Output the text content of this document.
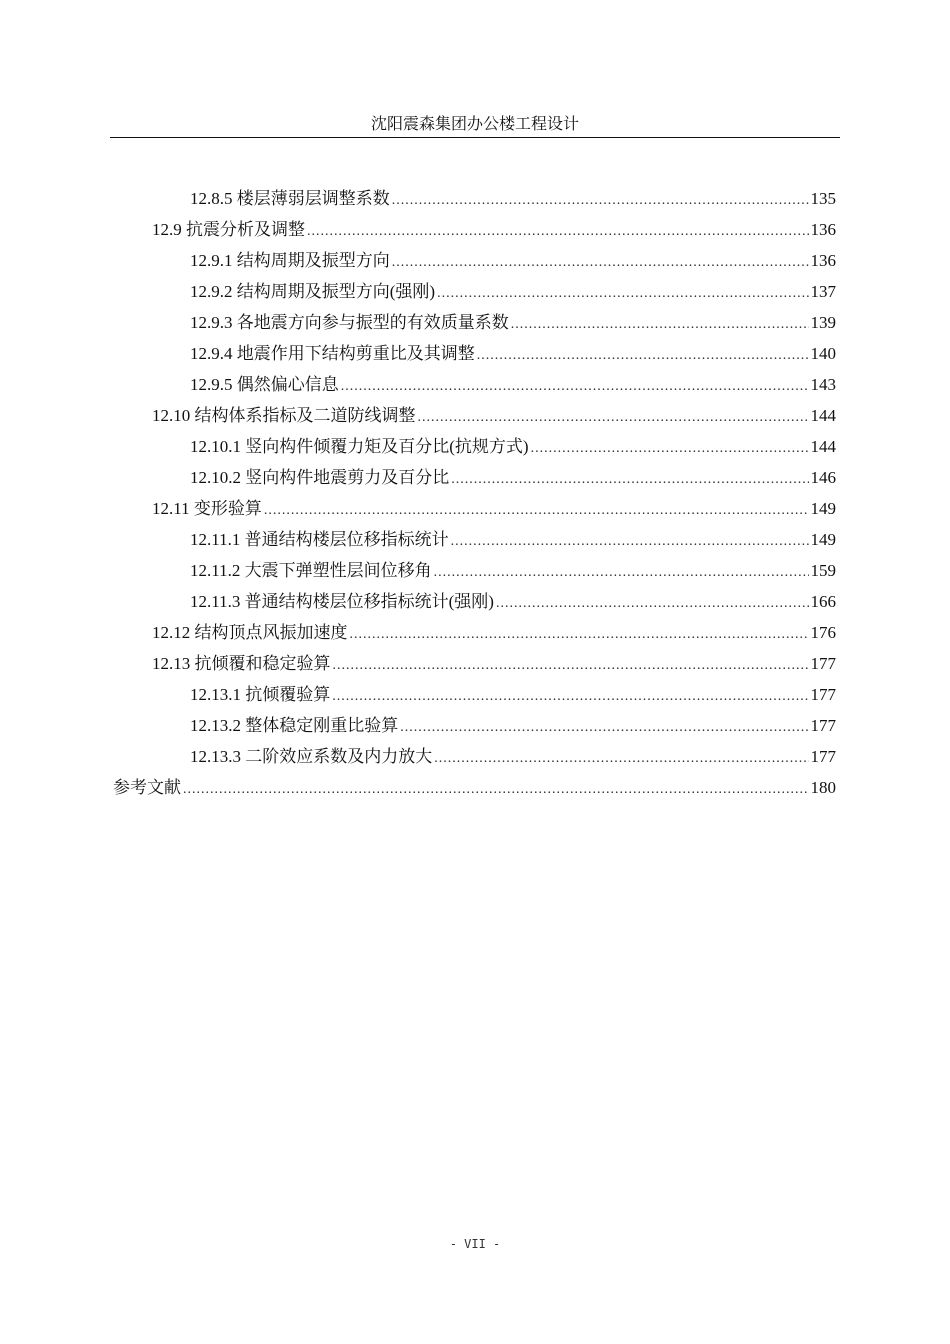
沈阳震森集团办公楼工程设计
12.8.5 楼层薄弱层调整系数 .....	135
12.9 抗震分析及调整 .....	136
12.9.1 结构周期及振型方向 .....	136
12.9.2 结构周期及振型方向(强刚) .....	137
12.9.3 各地震方向参与振型的有效质量系数 .....	139
12.9.4 地震作用下结构剪重比及其调整 .....	140
12.9.5 偶然偏心信息 .....	143
12.10 结构体系指标及二道防线调整 .....	144
12.10.1 竖向构件倾覆力矩及百分比(抗规方式) .....	144
12.10.2 竖向构件地震剪力及百分比 .....	146
12.11 变形验算 .....	149
12.11.1 普通结构楼层位移指标统计 .....	149
12.11.2 大震下弹塑性层间位移角 .....	159
12.11.3 普通结构楼层位移指标统计(强刚) .....	166
12.12 结构顶点风振加速度 .....	176
12.13 抗倾覆和稳定验算 .....	177
12.13.1 抗倾覆验算 .....	177
12.13.2 整体稳定刚重比验算 .....	177
12.13.3 二阶效应系数及内力放大 .....	177
参考文献 .....	180
- VII -
